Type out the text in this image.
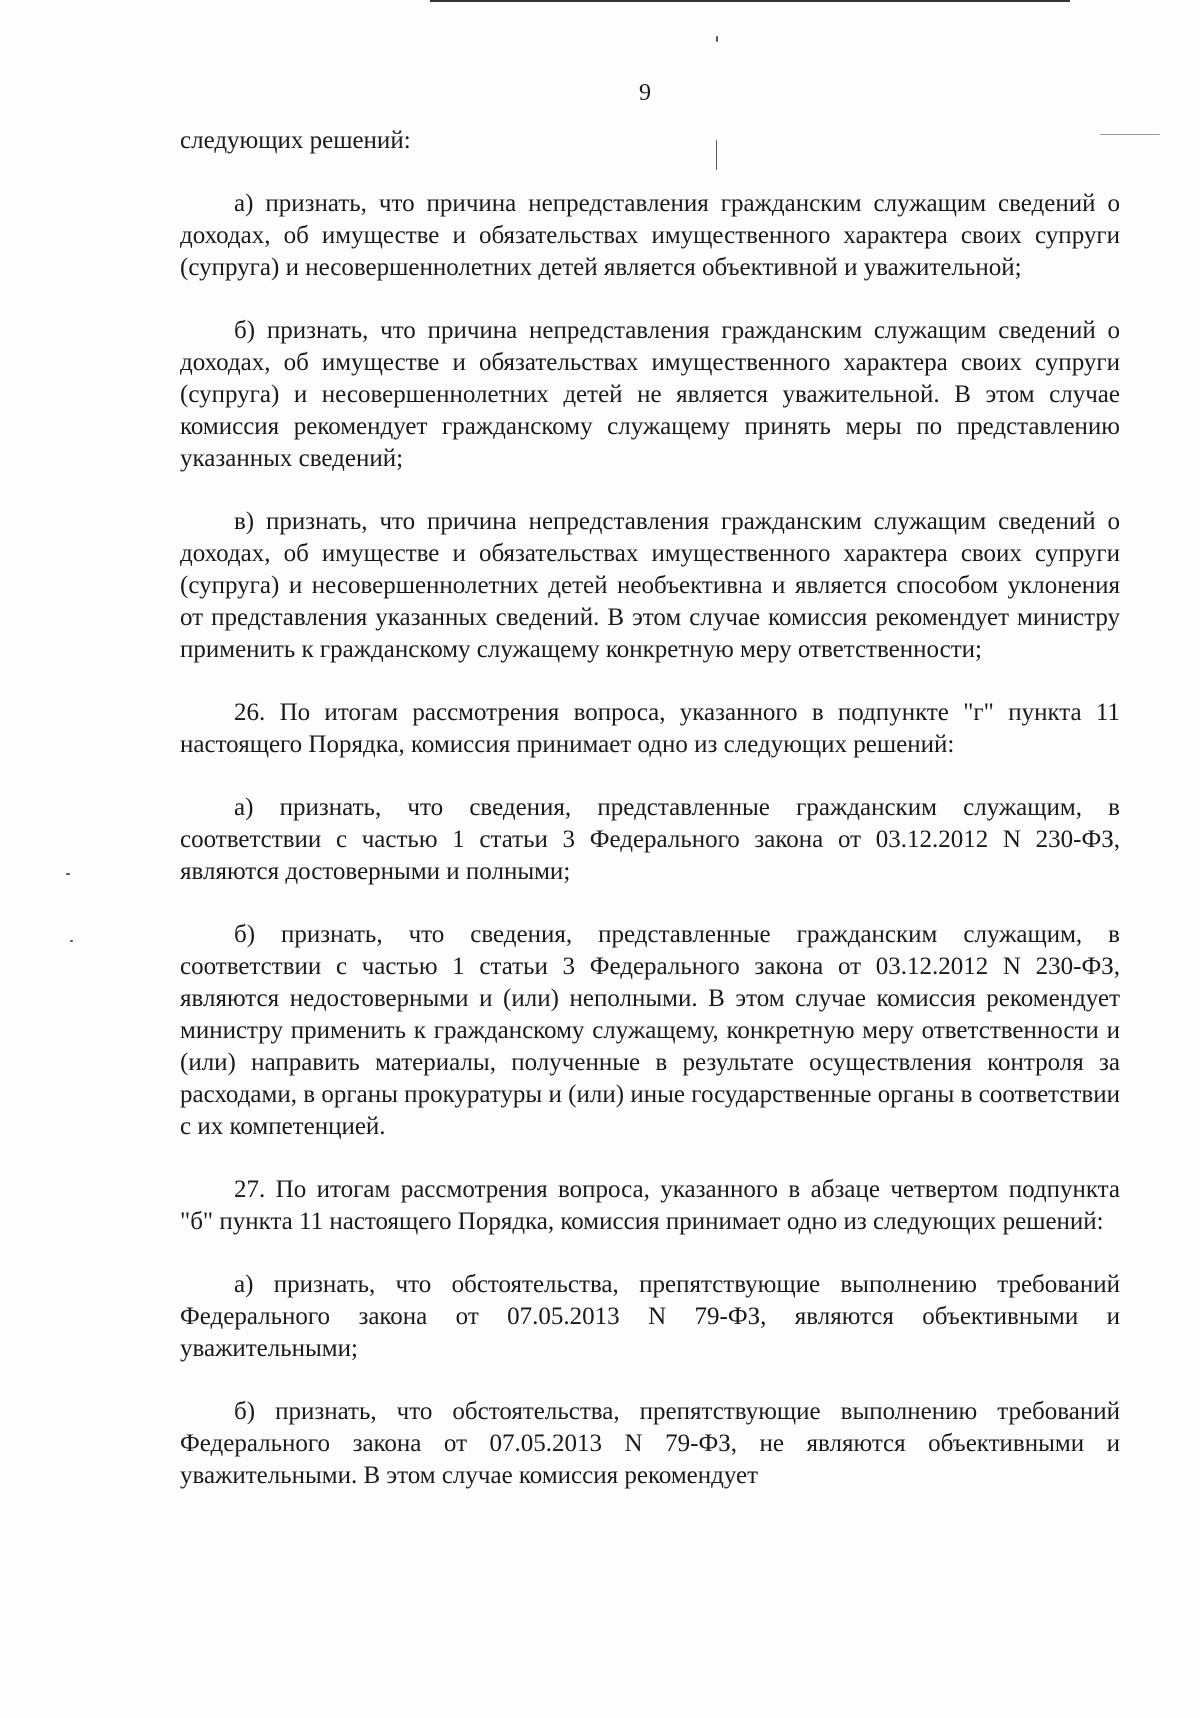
9

следующих решений:

а) признать, что причина непредставления гражданским служащим сведений о доходах, об имуществе и обязательствах имущественного характера своих супруги (супруга) и несовершеннолетних детей является объективной и уважительной;

б) признать, что причина непредставления гражданским служащим сведений о доходах, об имуществе и обязательствах имущественного характера своих супруги (супруга) и несовершеннолетних детей не является уважительной. В этом случае комиссия рекомендует гражданскому служащему принять меры по представлению указанных сведений;

в) признать, что причина непредставления гражданским служащим сведений о доходах, об имуществе и обязательствах имущественного характера своих супруги (супруга) и несовершеннолетних детей необъективна и является способом уклонения от представления указанных сведений. В этом случае комиссия рекомендует министру применить к гражданскому служащему конкретную меру ответственности;

26. По итогам рассмотрения вопроса, указанного в подпункте "г" пункта 11 настоящего Порядка, комиссия принимает одно из следующих решений:

а) признать, что сведения, представленные гражданским служащим, в соответствии с частью 1 статьи 3 Федерального закона от 03.12.2012 N 230-ФЗ, являются достоверными и полными;

б) признать, что сведения, представленные гражданским служащим, в соответствии с частью 1 статьи 3 Федерального закона от 03.12.2012 N 230-ФЗ, являются недостоверными и (или) неполными. В этом случае комиссия рекомендует министру применить к гражданскому служащему, конкретную меру ответственности и (или) направить материалы, полученные в результате осуществления контроля за расходами, в органы прокуратуры и (или) иные государственные органы в соответствии с их компетенцией.

27. По итогам рассмотрения вопроса, указанного в абзаце четвертом подпункта "б" пункта 11 настоящего Порядка, комиссия принимает одно из следующих решений:

а) признать, что обстоятельства, препятствующие выполнению требований Федерального закона от 07.05.2013 N 79-ФЗ, являются объективными и уважительными;

б) признать, что обстоятельства, препятствующие выполнению требований Федерального закона от 07.05.2013 N 79-ФЗ, не являются объективными и уважительными. В этом случае комиссия рекомендует
